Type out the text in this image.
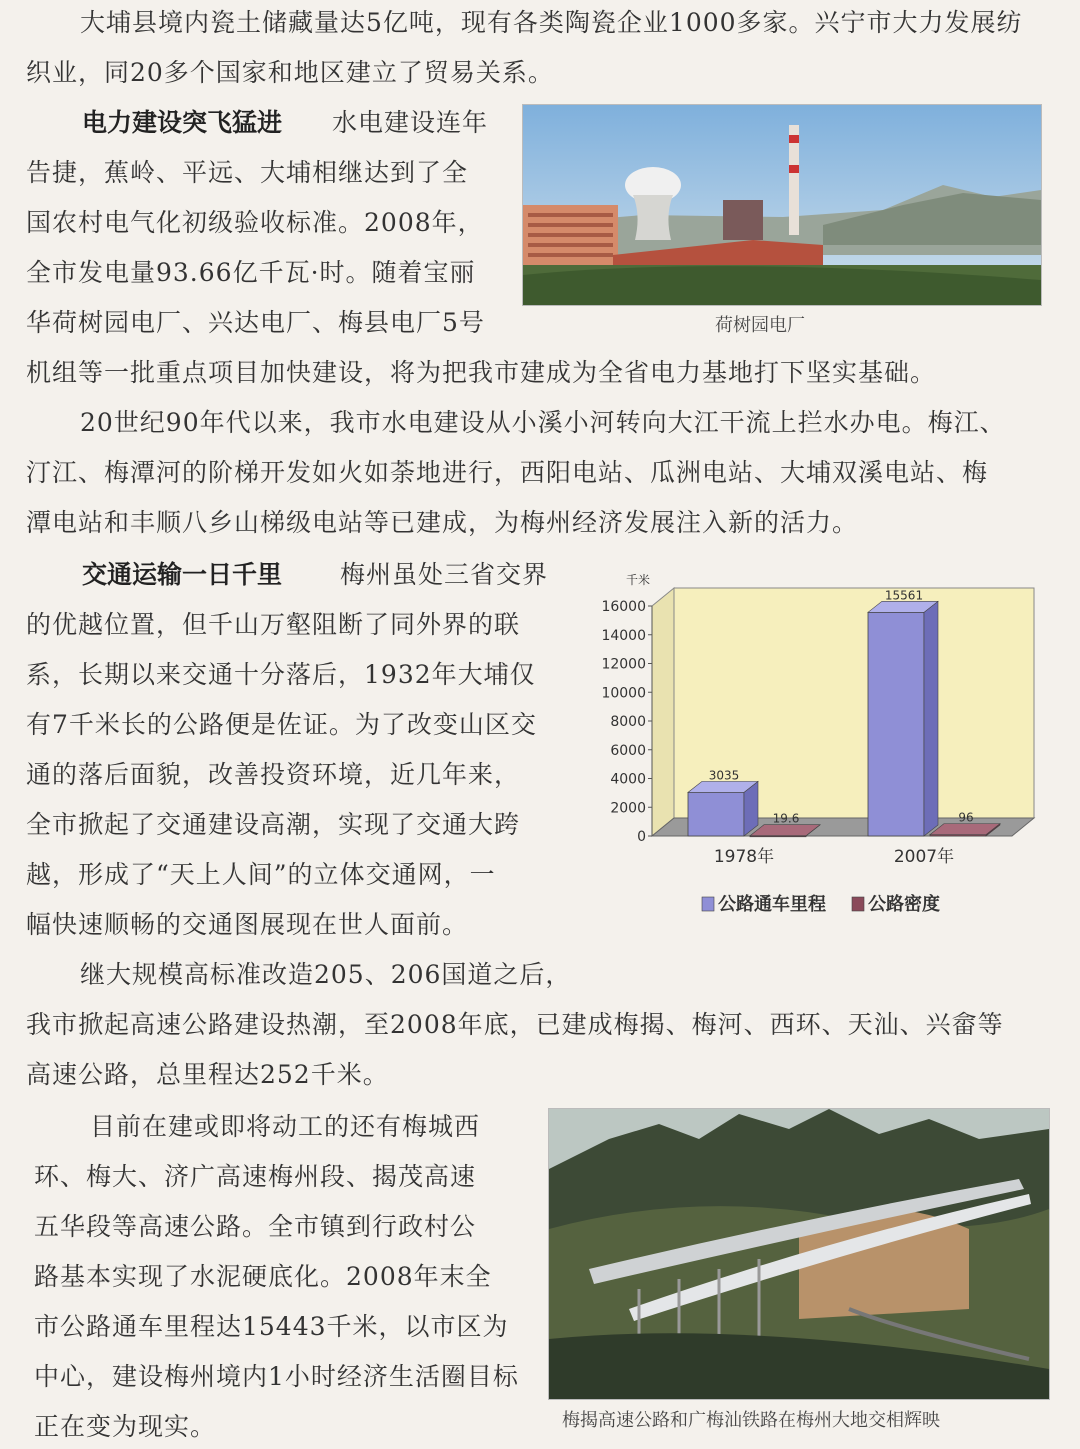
大埔县境内瓷土储藏量达5亿吨，现有各类陶瓷企业1000多家。兴宁市大力发展纺
织业，同20多个国家和地区建立了贸易关系。
电力建设突飞猛进 水电建设连年
告捷，蕉岭、平远、大埔相继达到了全
国农村电气化初级验收标准。2008年，
全市发电量93.66亿千瓦·时。随着宝丽
华荷树园电厂、兴达电厂、梅县电厂5号
机组等一批重点项目加快建设，将为把我市建成为全省电力基地打下坚实基础。
荷树园电厂
20世纪90年代以来，我市水电建设从小溪小河转向大江干流上拦水办电。梅江、
汀江、梅潭河的阶梯开发如火如荼地进行，西阳电站、瓜洲电站、大埔双溪电站、梅
潭电站和丰顺八乡山梯级电站等已建成，为梅州经济发展注入新的活力。
交通运输一日千里 梅州虽处三省交界
的优越位置，但千山万壑阻断了同外界的联
系，长期以来交通十分落后，1932年大埔仅
有7千米长的公路便是佐证。为了改变山区交
通的落后面貌，改善投资环境，近几年来，
全市掀起了交通建设高潮，实现了交通大跨
越，形成了“天上人间”的立体交通网，一
幅快速顺畅的交通图展现在世人面前。
千米
0
2000
4000
6000
8000
10000
12000
14000
16000
3035
19.6
1978年
15561
96
2007年
公路通车里程 公路密度
继大规模高标准改造205、206国道之后，
我市掀起高速公路建设热潮，至2008年底，已建成梅揭、梅河、西环、天汕、兴畲等
高速公路，总里程达252千米。
目前在建或即将动工的还有梅城西
环、梅大、济广高速梅州段、揭茂高速
五华段等高速公路。全市镇到行政村公
路基本实现了水泥硬底化。2008年末全
市公路通车里程达15443千米，以市区为
中心，建设梅州境内1小时经济生活圈目标
正在变为现实。	梅揭高速公路和广梅汕铁路在梅州大地交相辉映
